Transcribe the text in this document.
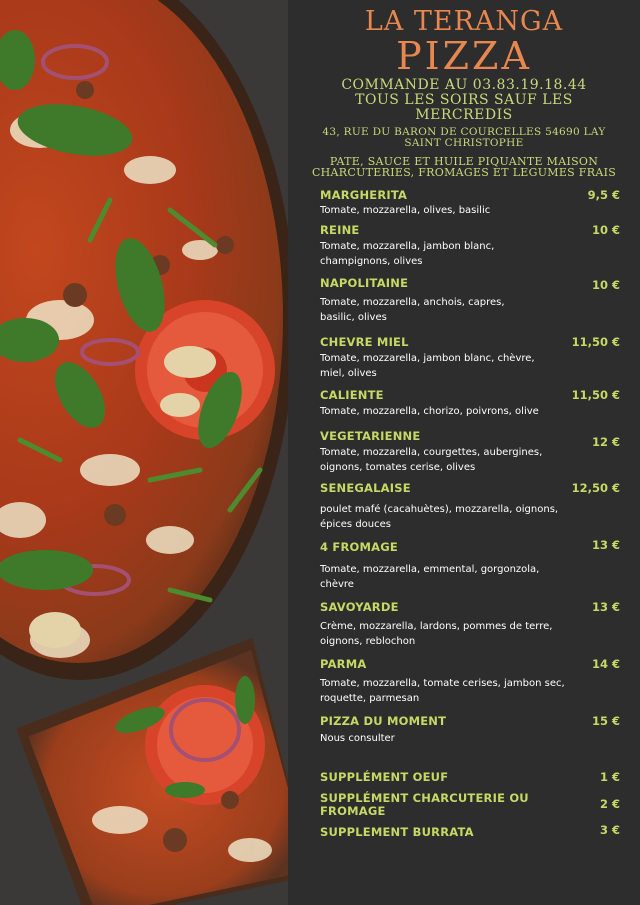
LA TERANGA
PIZZA
COMMANDE AU 03.83.19.18.44
TOUS LES SOIRS SAUF LES
MERCREDIS
43, RUE DU BARON DE COURCELLES 54690 LAY
SAINT CHRISTOPHE
PATE, SAUCE ET HUILE PIQUANTE MAISON
CHARCUTERIES, FROMAGES ET LEGUMES FRAIS
MARGHERITA	9,5 €
Tomate, mozzarella, olives, basilic
REINE	10 €
Tomate, mozzarella, jambon blanc,
champignons, olives
NAPOLITAINE	10 €
Tomate, mozzarella, anchois, capres,
basilic, olives
CHEVRE MIEL	11,50 €
Tomate, mozzarella, jambon blanc, chèvre,
miel, olives
CALIENTE	11,50 €
Tomate, mozzarella, chorizo, poivrons, olive
VEGETARIENNE	12 €
Tomate, mozzarella, courgettes, aubergines,
oignons, tomates cerise, olives
SENEGALAISE	12,50 €
poulet mafé (cacahuètes), mozzarella, oignons,
épices douces
4 FROMAGE	13 €
Tomate, mozzarella, emmental, gorgonzola,
chèvre
SAVOYARDE	13 €
Crème, mozzarella, lardons, pommes de terre,
oignons, reblochon
PARMA	14 €
Tomate, mozzarella, tomate cerises, jambon sec,
roquette, parmesan
PIZZA DU MOMENT	15 €
Nous consulter
SUPPLÉMENT OEUF	1 €
SUPPLÉMENT CHARCUTERIE OU
FROMAGE	2 €
SUPPLEMENT BURRATA	3 €
